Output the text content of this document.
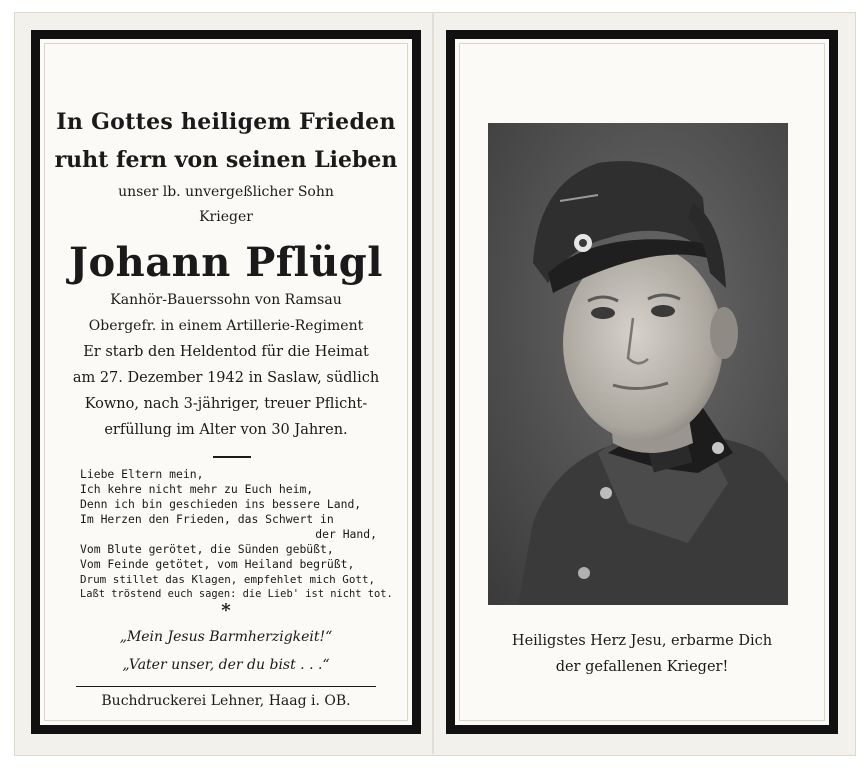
In Gottes heiligem Frieden
ruht fern von seinen Lieben
unser lb. unvergeßlicher Sohn
Krieger
Johann Pflügl
Kanhör-Bauerssohn von Ramsau
Obergefr. in einem Artillerie-Regiment
Er starb den Heldentod für die Heimat
am 27. Dezember 1942 in Saslaw, südlich
Kowno, nach 3-jähriger, treuer Pflicht-
erfüllung im Alter von 30 Jahren.
Liebe Eltern mein,
Ich kehre nicht mehr zu Euch heim,
Denn ich bin geschieden ins bessere Land,
Im Herzen den Frieden, das Schwert in
der Hand,
Vom Blute gerötet, die Sünden gebüßt,
Vom Feinde getötet, vom Heiland begrüßt,
Drum stillet das Klagen, empfehlet mich Gott,
Laßt tröstend euch sagen: die Lieb' ist nicht tot.
*
„Mein Jesus Barmherzigkeit!“
„Vater unser, der du bist . . .“
Buchdruckerei Lehner, Haag i. OB.
Heiligstes Herz Jesu, erbarme Dich
der gefallenen Krieger!
